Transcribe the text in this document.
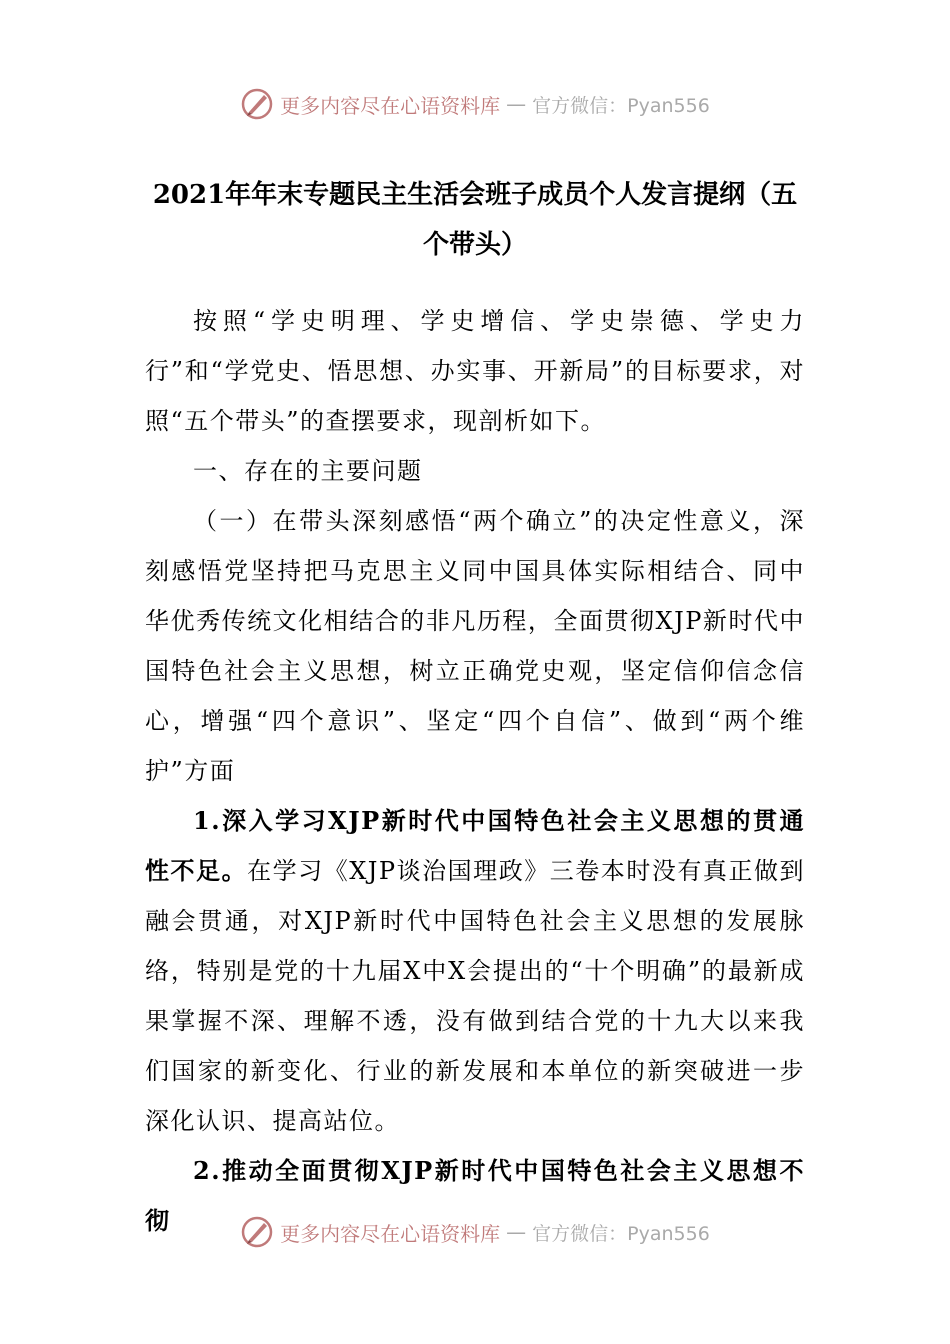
更多内容尽在心语资料库 — 官方微信：Pyan556
2021年年末专题民主生活会班子成员个人发言提纲（五个带头）

按照“学史明理、学史增信、学史崇德、学史力行”和“学党史、悟思想、办实事、开新局”的目标要求，对照“五个带头”的查摆要求，现剖析如下。

一、存在的主要问题

（一）在带头深刻感悟“两个确立”的决定性意义，深刻感悟党坚持把马克思主义同中国具体实际相结合、同中华优秀传统文化相结合的非凡历程，全面贯彻XJP新时代中国特色社会主义思想，树立正确党史观，坚定信仰信念信心，增强“四个意识”、坚定“四个自信”、做到“两个维护”方面

1.深入学习XJP新时代中国特色社会主义思想的贯通性不足。在学习《XJP谈治国理政》三卷本时没有真正做到融会贯通，对XJP新时代中国特色社会主义思想的发展脉络，特别是党的十九届X中X会提出的“十个明确”的最新成果掌握不深、理解不透，没有做到结合党的十九大以来我们国家的新变化、行业的新发展和本单位的新突破进一步深化认识、提高站位。

2.推动全面贯彻XJP新时代中国特色社会主义思想不彻	更多内容尽在心语资料库 — 官方微信：Pyan556
